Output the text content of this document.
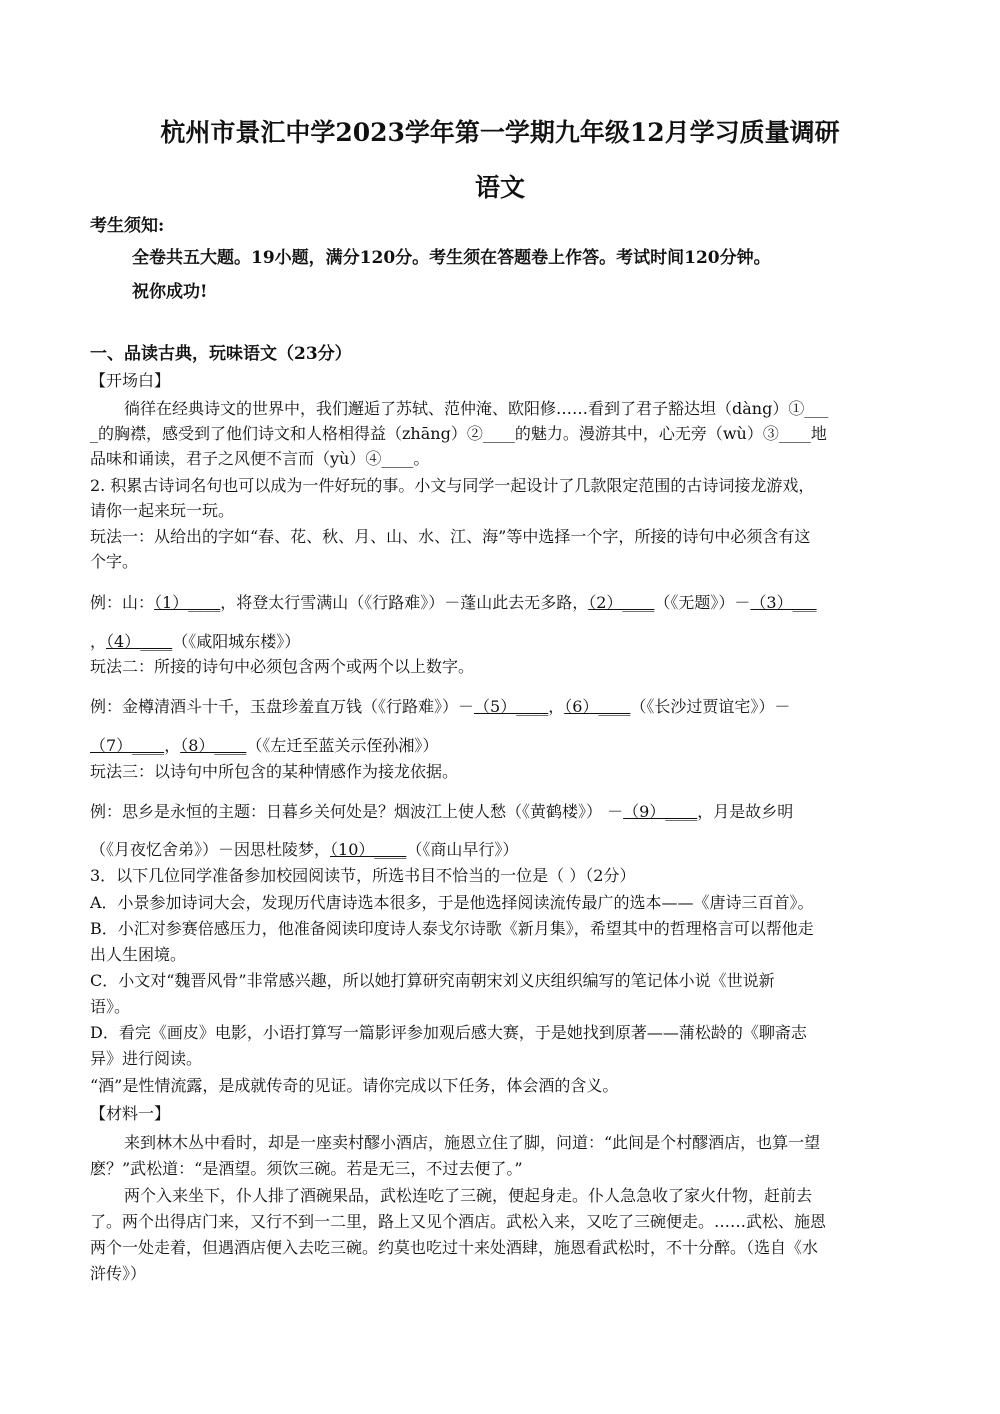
杭州市景汇中学2023学年第一学期九年级12月学习质量调研
语文
考生须知:
全卷共五大题。19小题，满分120分。考生须在答题卷上作答。考试时间120分钟。
祝你成功!
一、品读古典，玩味语文（23分）
【开场白】
徜徉在经典诗文的世界中，我们邂逅了苏轼、范仲淹、欧阳修……看到了君子豁达坦（dàng）①___
_的胸襟，感受到了他们诗文和人格相得益（zhāng）②____的魅力。漫游其中，心无旁（wù）③____地
品味和诵读，君子之风便不言而（yù）④____。
2. 积累古诗词名句也可以成为一件好玩的事。小文与同学一起设计了几款限定范围的古诗词接龙游戏，
请你一起来玩一玩。
玩法一：从给出的字如“春、花、秋、月、山、水、江、海”等中选择一个字，所接的诗句中必须含有这
个字。
例：山：（1）____，将登太行雪满山（《行路难》）－蓬山此去无多路，（2）____（《无题》）－（3）___
，（4）____（《咸阳城东楼》）
玩法二：所接的诗句中必须包含两个或两个以上数字。
例：金樽清酒斗十千，玉盘珍羞直万钱（《行路难》）－（5）____，（6）____（《长沙过贾谊宅》）－
（7）____，（8）____（《左迁至蓝关示侄孙湘》）
玩法三：以诗句中所包含的某种情感作为接龙依据。
例：思乡是永恒的主题：日暮乡关何处是？烟波江上使人愁（《黄鹤楼》） －（9）____，月是故乡明
（《月夜忆舍弟》）－因思杜陵梦，（10）____（《商山早行》）
3．以下几位同学准备参加校园阅读节，所选书目不恰当的一位是（ ）（2分）
A．小景参加诗词大会，发现历代唐诗选本很多，于是他选择阅读流传最广的选本——《唐诗三百首》。
B．小汇对参赛倍感压力，他准备阅读印度诗人泰戈尔诗歌《新月集》，希望其中的哲理格言可以帮他走
出人生困境。
C．小文对“魏晋风骨”非常感兴趣，所以她打算研究南朝宋刘义庆组织编写的笔记体小说《世说新
语》。
D．看完《画皮》电影，小语打算写一篇影评参加观后感大赛，于是她找到原著——蒲松龄的《聊斋志
异》进行阅读。
“酒”是性情流露，是成就传奇的见证。请你完成以下任务，体会酒的含义。
【材料一】
来到林木丛中看时，却是一座卖村醪小酒店，施恩立住了脚，问道：“此间是个村醪酒店，也算一望
麽？”武松道：“是酒望。须饮三碗。若是无三，不过去便了。”
两个入来坐下，仆人排了酒碗果品，武松连吃了三碗，便起身走。仆人急急收了家火什物，赶前去
了。两个出得店门来，又行不到一二里，路上又见个酒店。武松入来，又吃了三碗便走。……武松、施恩
两个一处走着，但遇酒店便入去吃三碗。约莫也吃过十来处酒肆，施恩看武松时，不十分醉。（选自《水
浒传》）
